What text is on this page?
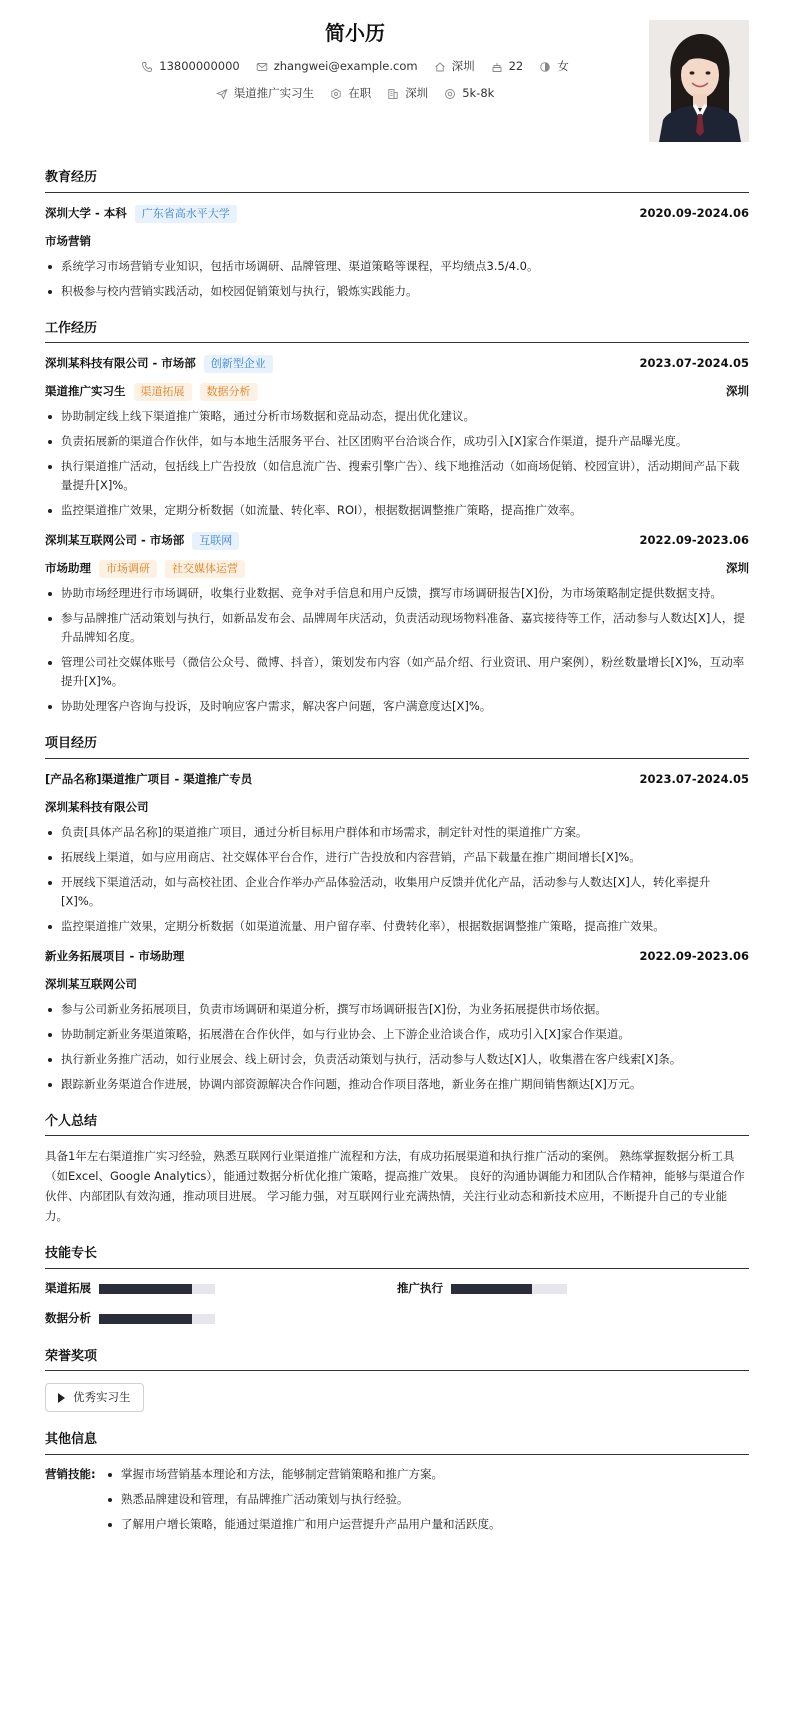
简小历
13800000000	zhangwei@example.com	深圳	22	女
渠道推广实习生	在职	深圳	5k-8k
教育经历
深圳大学 - 本科	广东省高水平大学	2020.09-2024.06
市场营销
系统学习市场营销专业知识，包括市场调研、品牌管理、渠道策略等课程，平均绩点3.5/4.0。
积极参与校内营销实践活动，如校园促销策划与执行，锻炼实践能力。
工作经历
深圳某科技有限公司 - 市场部	创新型企业	2023.07-2024.05
渠道推广实习生	渠道拓展	数据分析	深圳
协助制定线上线下渠道推广策略，通过分析市场数据和竞品动态，提出优化建议。
负责拓展新的渠道合作伙伴，如与本地生活服务平台、社区团购平台洽谈合作，成功引入[X]家合作渠道，提升产品曝光度。
执行渠道推广活动，包括线上广告投放（如信息流广告、搜索引擎广告）、线下地推活动（如商场促销、校园宣讲），活动期间产品下载量提升[X]%。
监控渠道推广效果，定期分析数据（如流量、转化率、ROI），根据数据调整推广策略，提高推广效率。
深圳某互联网公司 - 市场部	互联网	2022.09-2023.06
市场助理	市场调研	社交媒体运营	深圳
协助市场经理进行市场调研，收集行业数据、竞争对手信息和用户反馈，撰写市场调研报告[X]份，为市场策略制定提供数据支持。
参与品牌推广活动策划与执行，如新品发布会、品牌周年庆活动，负责活动现场物料准备、嘉宾接待等工作，活动参与人数达[X]人，提升品牌知名度。
管理公司社交媒体账号（微信公众号、微博、抖音），策划发布内容（如产品介绍、行业资讯、用户案例），粉丝数量增长[X]%，互动率提升[X]%。
协助处理客户咨询与投诉，及时响应客户需求，解决客户问题，客户满意度达[X]%。
项目经历
[产品名称]渠道推广项目 - 渠道推广专员	2023.07-2024.05
深圳某科技有限公司
负责[具体产品名称]的渠道推广项目，通过分析目标用户群体和市场需求，制定针对性的渠道推广方案。
拓展线上渠道，如与应用商店、社交媒体平台合作，进行广告投放和内容营销，产品下载量在推广期间增长[X]%。
开展线下渠道活动，如与高校社团、企业合作举办产品体验活动，收集用户反馈并优化产品，活动参与人数达[X]人，转化率提升[X]%。
监控渠道推广效果，定期分析数据（如渠道流量、用户留存率、付费转化率），根据数据调整推广策略，提高推广效果。
新业务拓展项目 - 市场助理	2022.09-2023.06
深圳某互联网公司
参与公司新业务拓展项目，负责市场调研和渠道分析，撰写市场调研报告[X]份，为业务拓展提供市场依据。
协助制定新业务渠道策略，拓展潜在合作伙伴，如与行业协会、上下游企业洽谈合作，成功引入[X]家合作渠道。
执行新业务推广活动，如行业展会、线上研讨会，负责活动策划与执行，活动参与人数达[X]人，收集潜在客户线索[X]条。
跟踪新业务渠道合作进展，协调内部资源解决合作问题，推动合作项目落地，新业务在推广期间销售额达[X]万元。
个人总结
具备1年左右渠道推广实习经验，熟悉互联网行业渠道推广流程和方法，有成功拓展渠道和执行推广活动的案例。 熟练掌握数据分析工具（如Excel、Google Analytics），能通过数据分析优化推广策略，提高推广效果。 良好的沟通协调能力和团队合作精神，能够与渠道合作伙伴、内部团队有效沟通，推动项目进展。 学习能力强，对互联网行业充满热情，关注行业动态和新技术应用，不断提升自己的专业能力。
技能专长
渠道拓展	推广执行
数据分析
荣誉奖项
优秀实习生
其他信息
营销技能:	掌握市场营销基本理论和方法，能够制定营销策略和推广方案。
熟悉品牌建设和管理，有品牌推广活动策划与执行经验。
了解用户增长策略，能通过渠道推广和用户运营提升产品用户量和活跃度。
